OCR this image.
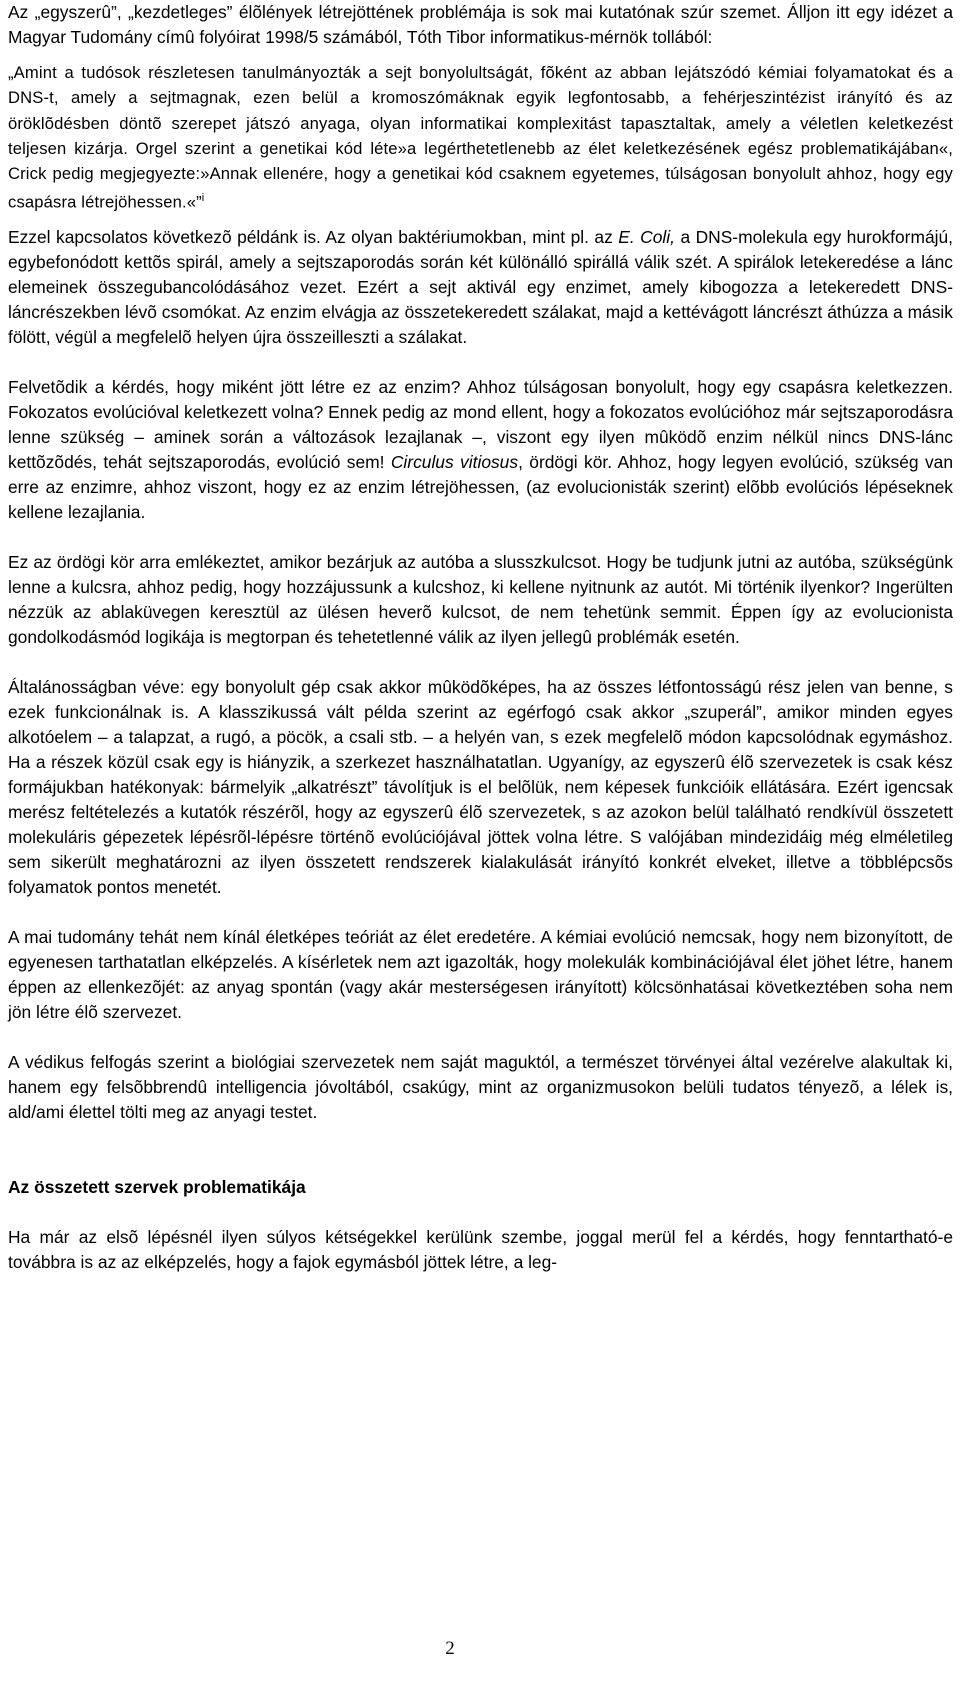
Az „egyszerû”, „kezdetleges” élõlények létrejöttének problémája is sok mai kutatónak szúr szemet. Álljon itt egy idézet a Magyar Tudomány címû folyóirat 1998/5 számából, Tóth Tibor informatikus-mérnök tollából:

„Amint a tudósok részletesen tanulmányozták a sejt bonyolultságát, fõként az abban lejátszódó kémiai folyamatokat és a DNS-t, amely a sejtmagnak, ezen belül a kromoszómáknak egyik legfontosabb, a fehérjeszintézist irányító és az öröklõdésben döntõ szerepet játszó anyaga, olyan informatikai komplexitást tapasztaltak, amely a véletlen keletkezést teljesen kizárja. Orgel szerint a genetikai kód léte»a legérthetetlenebb az élet keletkezésének egész problematikájában«, Crick pedig megjegyezte:»Annak ellenére, hogy a genetikai kód csaknem egyetemes, túlságosan bonyolult ahhoz, hogy egy csapásra létrejöhessen.«”$^i$

Ezzel kapcsolatos következõ példánk is. Az olyan baktériumokban, mint pl. az E. Coli, a DNS-molekula egy hurokformájú, egybefonódott kettõs spirál, amely a sejtszaporodás során két különálló spirállá válik szét. A spirálok letekeredése a lánc elemeinek összegubancolódásához vezet. Ezért a sejt aktivál egy enzimet, amely kibogozza a letekeredett DNS-láncrészekben lévõ csomókat. Az enzim elvágja az összetekeredett szálakat, majd a kettévágott láncrészt áthúzza a másik fölött, végül a megfelelõ helyen újra összeilleszti a szálakat.

Felvetõdik a kérdés, hogy miként jött létre ez az enzim? Ahhoz túlságosan bonyolult, hogy egy csapásra keletkezzen. Fokozatos evolúcióval keletkezett volna? Ennek pedig az mond ellent, hogy a fokozatos evolúcióhoz már sejtszaporodásra lenne szükség – aminek során a változások lezajlanak –, viszont egy ilyen mûködõ enzim nélkül nincs DNS-lánc kettõzõdés, tehát sejtszaporodás, evolúció sem! Circulus vitiosus, ördögi kör. Ahhoz, hogy legyen evolúció, szükség van erre az enzimre, ahhoz viszont, hogy ez az enzim létrejöhessen, (az evolucionisták szerint) elõbb evolúciós lépéseknek kellene lezajlania.

Ez az ördögi kör arra emlékeztet, amikor bezárjuk az autóba a slusszkulcsot. Hogy be tudjunk jutni az autóba, szükségünk lenne a kulcsra, ahhoz pedig, hogy hozzájussunk a kulcshoz, ki kellene nyitnunk az autót. Mi történik ilyenkor? Ingerülten nézzük az ablaküvegen keresztül az ülésen heverõ kulcsot, de nem tehetünk semmit. Éppen így az evolucionista gondolkodásmód logikája is megtorpan és tehetetlenné válik az ilyen jellegû problémák esetén.

Általánosságban véve: egy bonyolult gép csak akkor mûködõképes, ha az összes létfontosságú rész jelen van benne, s ezek funkcionálnak is. A klasszikussá vált példa szerint az egérfogó csak akkor „szuperál”, amikor minden egyes alkotóelem – a talapzat, a rugó, a pöcök, a csali stb. – a helyén van, s ezek megfelelõ módon kapcsolódnak egymáshoz. Ha a részek közül csak egy is hiányzik, a szerkezet használhatatlan. Ugyanígy, az egyszerû élõ szervezetek is csak kész formájukban hatékonyak: bármelyik „alkatrészt” távolítjuk is el belõlük, nem képesek funkcióik ellátására. Ezért igencsak merész feltételezés a kutatók részérõl, hogy az egyszerû élõ szervezetek, s az azokon belül található rendkívül összetett molekuláris gépezetek lépésrõl-lépésre történõ evolúciójával jöttek volna létre. S valójában mindezidáig még elméletileg sem sikerült meghatározni az ilyen összetett rendszerek kialakulását irányító konkrét elveket, illetve a többlépcsõs folyamatok pontos menetét.

A mai tudomány tehát nem kínál életképes teóriát az élet eredetére. A kémiai evolúció nemcsak, hogy nem bizonyított, de egyenesen tarthatatlan elképzelés. A kísérletek nem azt igazolták, hogy molekulák kombinációjával élet jöhet létre, hanem éppen az ellenkezõjét: az anyag spontán (vagy akár mesterségesen irányított) kölcsönhatásai következtében soha nem jön létre élõ szervezet.

A védikus felfogás szerint a biológiai szervezetek nem saját maguktól, a természet törvényei által vezérelve alakultak ki, hanem egy felsõbbrendû intelligencia jóvoltából, csakúgy, mint az organizmusokon belüli tudatos tényezõ, a lélek is, ald/ami élettel tölti meg az anyagi testet.

Az összetett szervek problematikája

Ha már az elsõ lépésnél ilyen súlyos kétségekkel kerülünk szembe, joggal merül fel a kérdés, hogy fenntartható-e továbbra is az az elképzelés, hogy a fajok egymásból jöttek létre, a leg-

2
